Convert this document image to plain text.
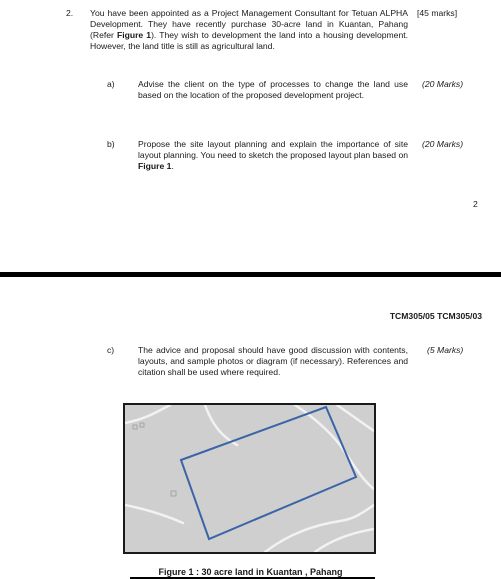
2. You have been appointed as a Project Management Consultant for Tetuan ALPHA Development. They have recently purchase 30-acre land in Kuantan, Pahang (Refer Figure 1). They wish to development the land into a housing development. However, the land title is still as agricultural land.
[45 marks]
a)	Advise the client on the type of processes to change the land use based on the location of the proposed development project.
(20 Marks)
b)	Propose the site layout planning and explain the importance of site layout planning. You need to sketch the proposed layout plan based on Figure 1.
(20 Marks)
2
TCM305/05 TCM305/03
c)	The advice and proposal should have good discussion with contents, layouts, and sample photos or diagram (if necessary). References and citation shall be used where required.
(5 Marks)
Figure 1 : 30 acre land in Kuantan , Pahang
